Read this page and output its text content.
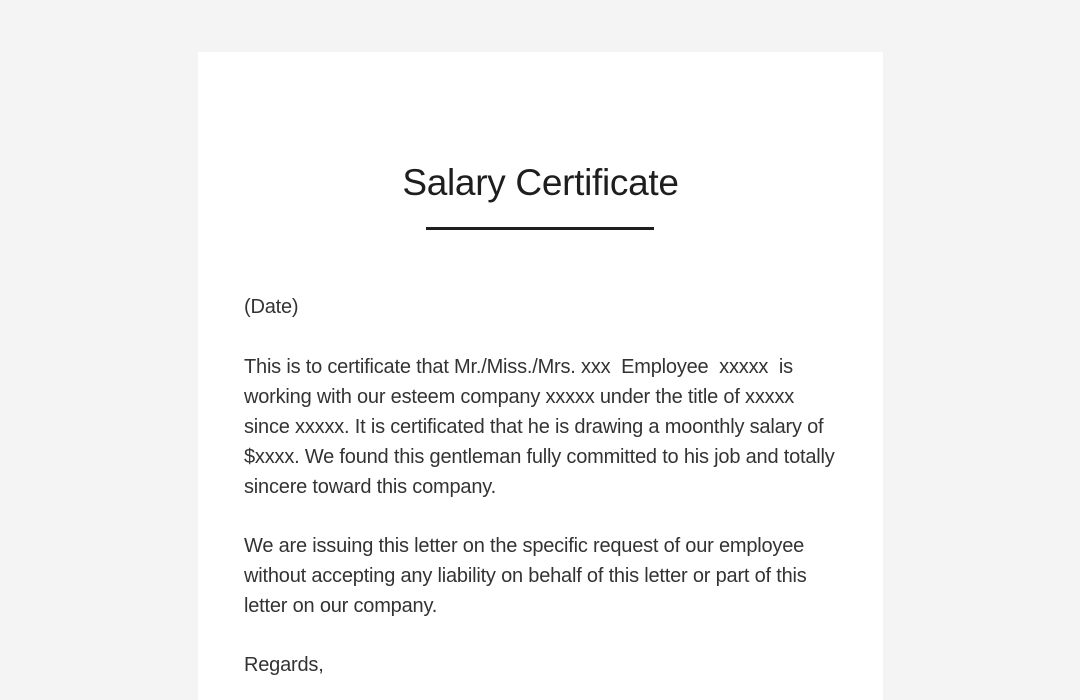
Salary Certificate

(Date)

This is to certificate that Mr./Miss./Mrs. xxx  Employee  xxxxx  is working with our esteem company xxxxx under the title of xxxxx since xxxxx. It is certificated that he is drawing a moonthly salary of $xxxx. We found this gentleman fully committed to his job and totally sincere toward this company.

We are issuing this letter on the specific request of our employee without accepting any liability on behalf of this letter or part of this letter on our company.

Regards,
